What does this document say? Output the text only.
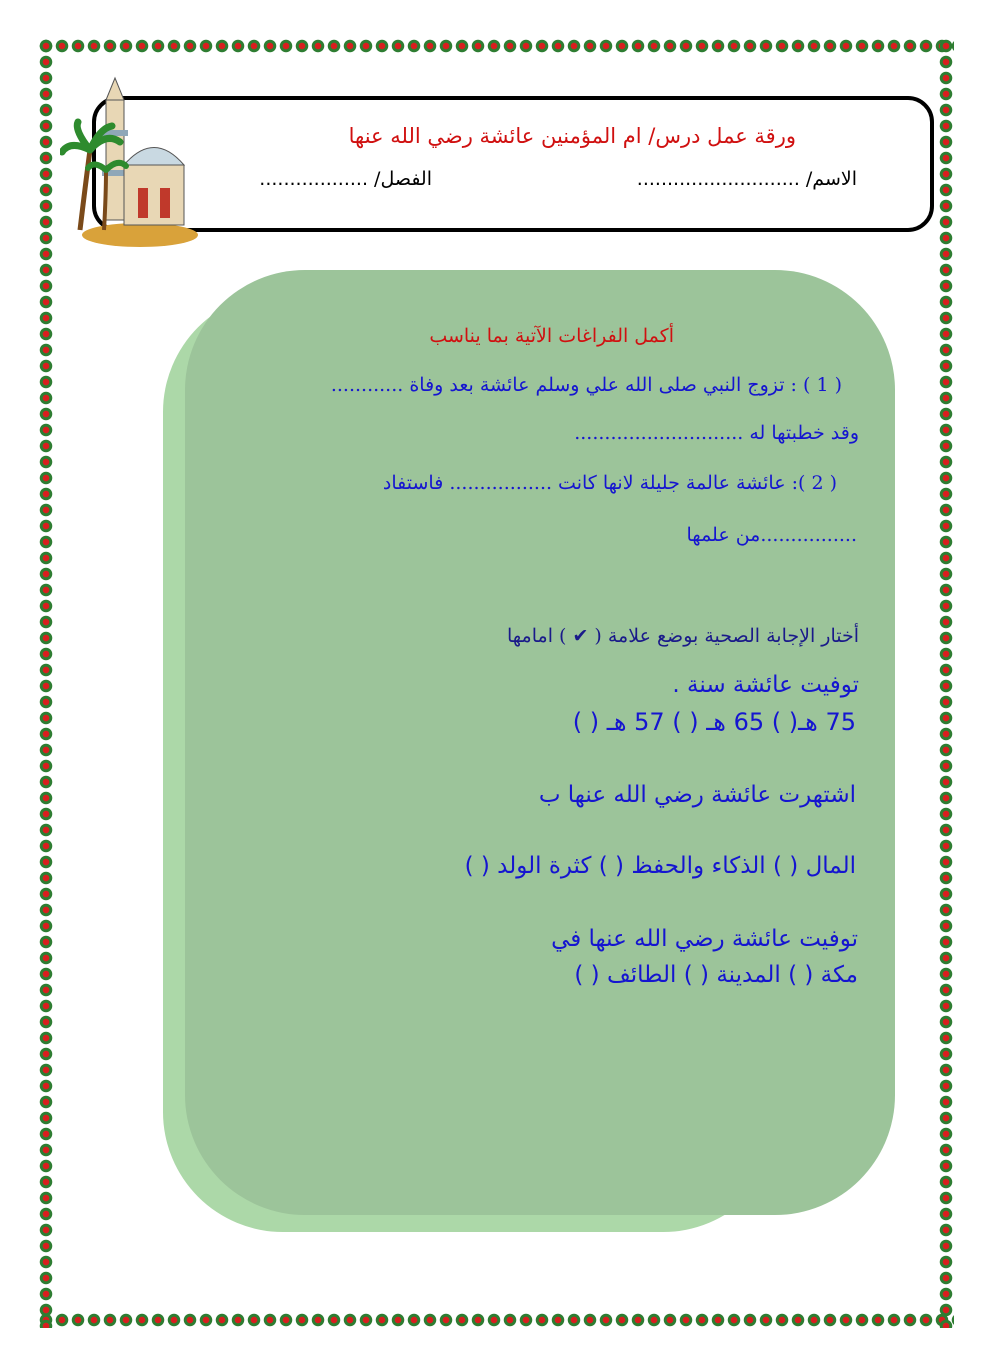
ورقة عمل درس/ ام المؤمنين عائشة رضي الله عنها
الاسم/ ...........................
الفصل/ ..................
أكمل الفراغات الآتية بما يناسب
( 1 ) : تزوج النبي صلى الله علي وسلم عائشة بعد وفاة ............
وقد خطبتها له ............................
( 2 ): عائشة عالمة جليلة لانها كانت ................. فاستفاد
................من علمها
أختار الإجابة الصحية بوضع علامة ( ✔ ) امامها
توفيت عائشة سنة .
75 هـ( ) 65 هـ ( ) 57 هـ ( )
اشتهرت عائشة رضي الله عنها ب
المال ( ) الذكاء والحفظ ( ) كثرة الولد ( )
توفيت عائشة رضي الله عنها في
مكة ( ) المدينة ( ) الطائف ( )
